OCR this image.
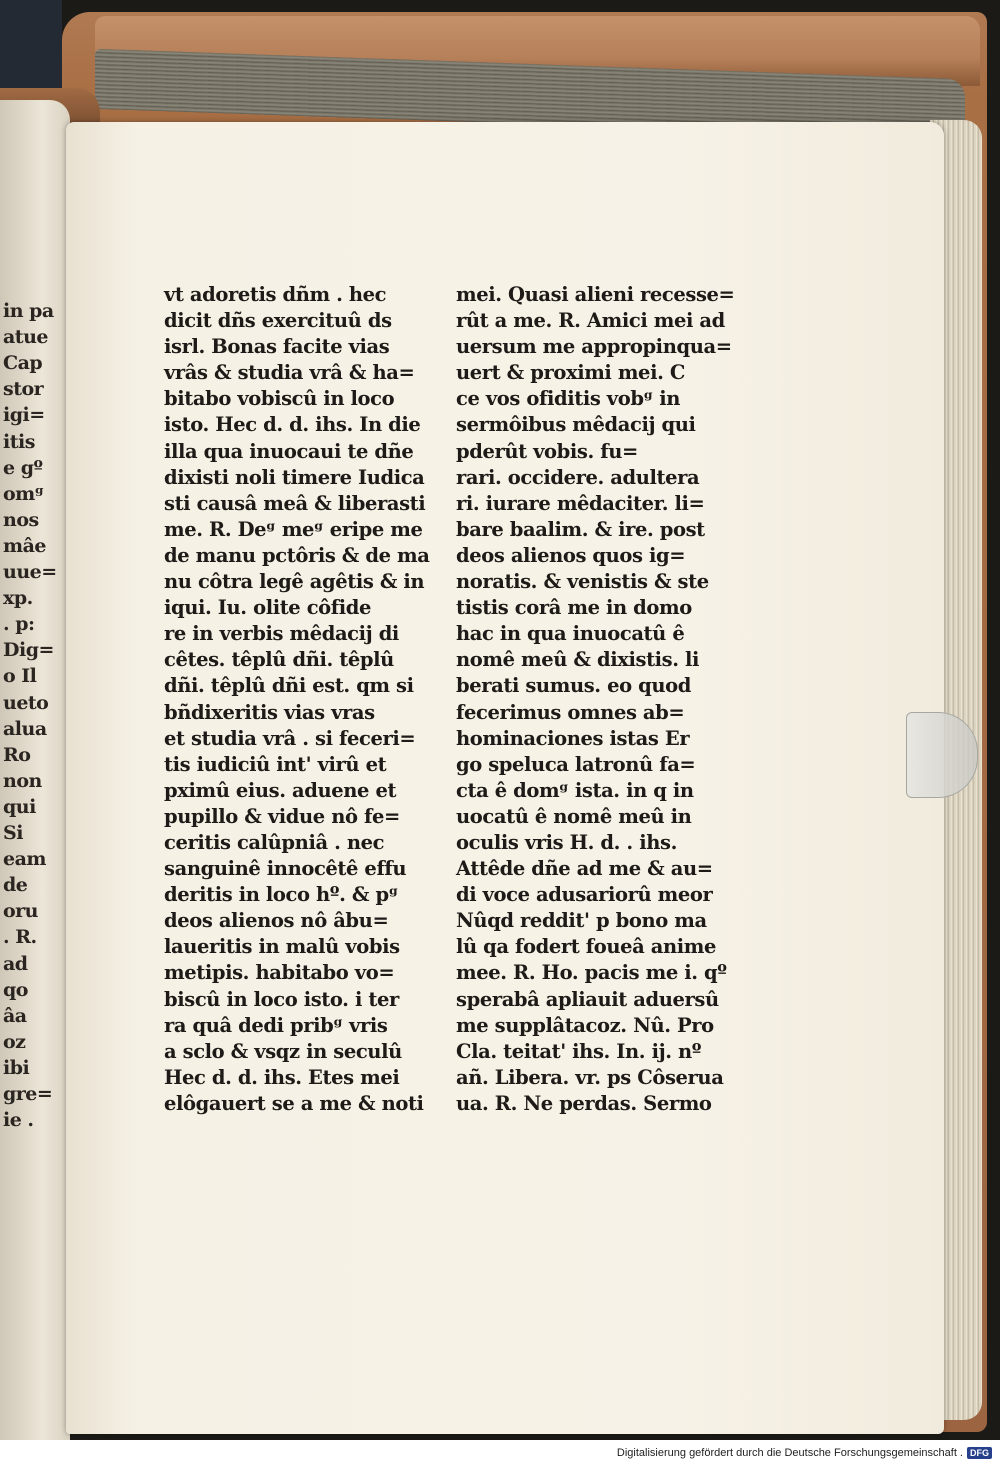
in pa
atue
Cap
stor
igi=
itis
e gº
omᵍ
nos
mâe
uue=
xp.
. p:
Dig=
o Il
ueto
alua
Ro
non
qui
Si
eam
de
oru
. R.
ad
qo
âa
oz
ibi
gre=
ie .
vt adoretis dñm . hec
dicit dñs exercituû ds
isrl. Bonas facite vias
vrâs & studia vrâ & ha=
bitabo vobiscû in loco
isto. Hec d. d. ihs. In die
illa qua inuocaui te dñe
dixisti noli timere Iudica
sti causâ meâ & liberasti
me. R. Deᵍ meᵍ eripe me
de manu pctôris & de ma
nu côtra legê agêtis & in
iqui. Iu. olite côfide
re in verbis mêdacij di
cêtes. têplû dñi. têplû
dñi. têplû dñi est. qm si
bñdixeritis vias vras
et studia vrâ . si feceri=
tis iudiciû int' virû et
pximû eius. aduene et
pupillo & vidue nô fe=
ceritis calûpniâ . nec
sanguinê innocêtê effu
deritis in loco hº. & pᵍ
deos alienos nô âbu=
laueritis in malû vobis
metipis. habitabo vo=
biscû in loco isto. i ter
ra quâ dedi pribᵍ vris
a sclo & vsqz in seculû
Hec d. d. ihs. Etes mei
elôgauert se a me & noti
mei. Quasi alieni recesse=
rût a me. R. Amici mei ad
uersum me appropinqua=
uert & proximi mei. C
ce vos ofiditis vobᵍ in
sermôibus mêdacij qui
pderût vobis. fu=
rari. occidere. adultera
ri. iurare mêdaciter. li=
bare baalim. & ire. post
deos alienos quos ig=
noratis. & venistis & ste
tistis corâ me in domo
hac in qua inuocatû ê
nomê meû & dixistis. li
berati sumus. eo quod
fecerimus omnes ab=
hominaciones istas Er
go speluca latronû fa=
cta ê domᵍ ista. in q in
uocatû ê nomê meû in
oculis vris H. d. . ihs.
Attêde dñe ad me & au=
di voce adusariorû meor
Nûqd reddit' p bono ma
lû qa fodert foueâ anime
mee. R. Ho. pacis me i. qº
sperabâ apliauit aduersû
me supplâtacoz. Nû. Pro
Cla. teitat' ihs. In. ij. nº
añ. Libera. vr. ps Côserua
ua. R. Ne perdas. Sermo
Digitalisierung gefördert durch die Deutsche Forschungsgemeinschaft . DFG
